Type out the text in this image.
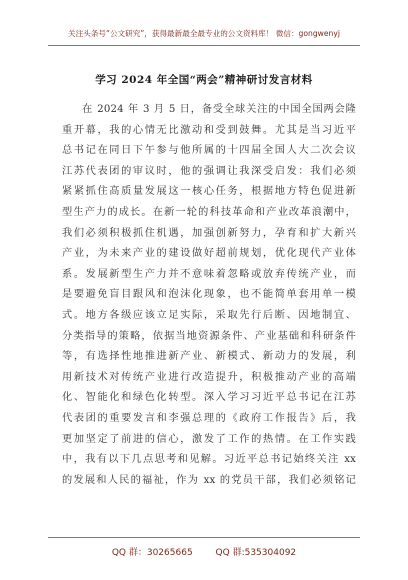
关注头条号“公文研究”，获得最新最全最专业的公文资料库！ 微信：gongwenyj
学习 2024 年全国“两会”精神研讨发言材料
在 2024 年 3 月 5 日，备受全球关注的中国全国两会隆
重开幕，我的心情无比激动和受到鼓舞。尤其是当习近平
总书记在同日下午参与他所属的十四届全国人大二次会议
江苏代表团的审议时，他的强调让我深受启发：我们必须
紧紧抓住高质量发展这一核心任务，根据地方特色促进新
型生产力的成长。在新一轮的科技革命和产业改革浪潮中，
我们必须积极抓住机遇，加强创新努力，孕育和扩大新兴
产业，为未来产业的建设做好超前规划，优化现代产业体
系。发展新型生产力并不意味着忽略或放弃传统产业，而
是要避免盲目跟风和泡沫化现象，也不能简单套用单一模
式。地方各级应该立足实际，采取先行后断、因地制宜、
分类指导的策略，依据当地资源条件、产业基础和科研条件
等，有选择性地推进新产业、新模式、新动力的发展，利
用新技术对传统产业进行改造提升，积极推动产业的高端
化、智能化和绿色化转型。深入学习习近平总书记在江苏
代表团的重要发言和李强总理的《政府工作报告》后，我
更加坚定了前进的信心，激发了工作的热情。在工作实践
中，我有以下几点思考和见解。习近平总书记始终关注 xx
的发展和人民的福祉，作为 xx 的党员干部，我们必须铭记
QQ 群：30265665	QQ 群:535304092
